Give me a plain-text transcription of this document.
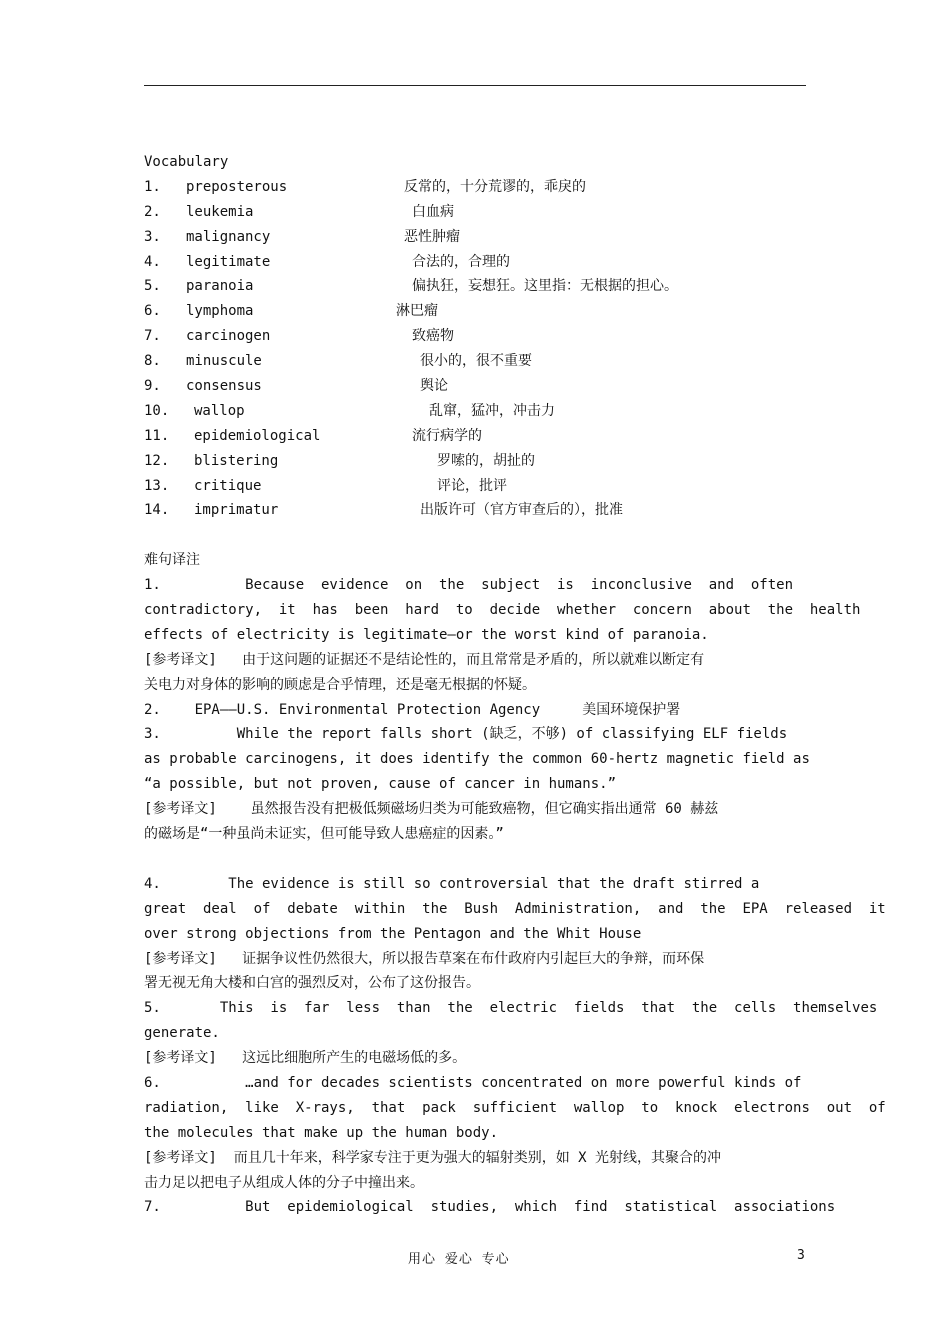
Vocabulary
1. preposterous	反常的，十分荒谬的，乖戾的
2. leukemia	白血病
3. malignancy	恶性肿瘤
4. legitimate	合法的，合理的
5. paranoia	偏执狂，妄想狂。这里指：无根据的担心。
6. lymphoma	淋巴瘤
7. carcinogen	致癌物
8. minuscule	很小的，很不重要
9. consensus	舆论
10. wallop	乱窜，猛冲，冲击力
11. epidemiological	流行病学的
12. blistering	罗嗦的，胡扯的
13. critique	评论，批评
14. imprimatur	出版许可（官方审查后的），批准
难句译注
1.          Because  evidence  on  the  subject  is  inconclusive  and  often
contradictory,  it  has  been  hard  to  decide  whether  concern  about  the  health
effects of electricity is legitimate—or the worst kind of paranoia.
[参考译文]   由于这问题的证据还不是结论性的，而且常常是矛盾的，所以就难以断定有
关电力对身体的影响的顾虑是合乎情理，还是毫无根据的怀疑。
2.    EPA——U.S. Environmental Protection Agency     美国环境保护署
3.         While the report falls short (缺乏，不够) of classifying ELF fields
as probable carcinogens, it does identify the common 60-hertz magnetic field as
“a possible, but not proven, cause of cancer in humans.”
[参考译文]    虽然报告没有把极低频磁场归类为可能致癌物，但它确实指出通常 60 赫兹
的磁场是“一种虽尚未证实，但可能导致人患癌症的因素。”
4.        The evidence is still so controversial that the draft stirred a
great  deal  of  debate  within  the  Bush  Administration,  and  the  EPA  released  it
over strong objections from the Pentagon and the Whit House
[参考译文]   证据争议性仍然很大，所以报告草案在布什政府内引起巨大的争辩，而环保
署无视无角大楼和白宫的强烈反对，公布了这份报告。
5.       This  is  far  less  than  the  electric  fields  that  the  cells  themselves
generate.
[参考译文]   这远比细胞所产生的电磁场低的多。
6.          …and for decades scientists concentrated on more powerful kinds of
radiation,  like  X-rays,  that  pack  sufficient  wallop  to  knock  electrons  out  of
the molecules that make up the human body.
[参考译文]  而且几十年来，科学家专注于更为强大的辐射类别，如 X 光射线，其聚合的冲
击力足以把电子从组成人体的分子中撞出来。
7.          But  epidemiological  studies,  which  find  statistical  associations
用心 爱心 专心	3
